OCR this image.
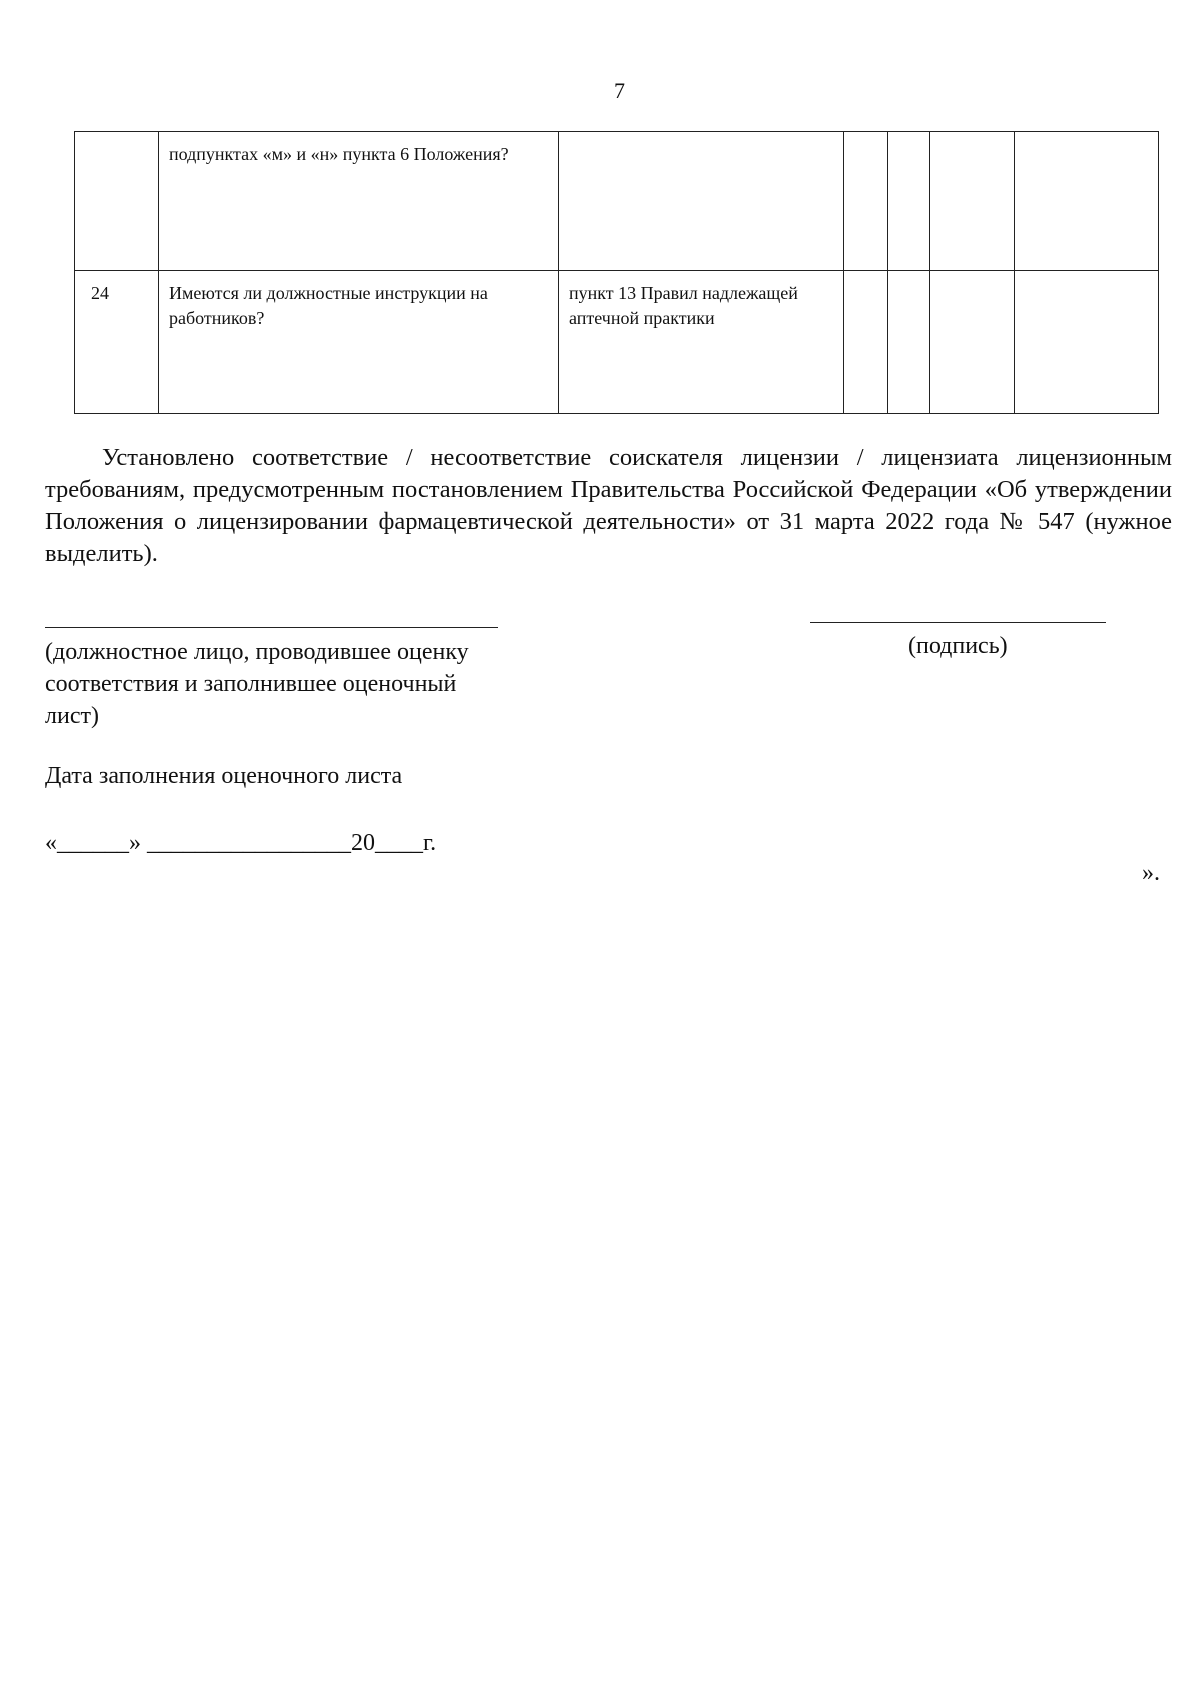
7
	подпунктах «м» и «н» пункта 6 Положения?					
24	Имеются ли должностные инструкции на работников?	пункт 13 Правил надлежащей аптечной практики				

Установлено соответствие / несоответствие соискателя лицензии / лицензиата лицензионным требованиям, предусмотренным постановлением Правительства Российской Федерации «Об утверждении Положения о лицензировании фармацевтической деятельности» от 31 марта 2022 года № 547 (нужное выделить).

(должностное лицо, проводившее оценку соответствия и заполнившее оценочный лист)

(подпись)
Дата заполнения оценочного листа
«______» _________________20____г.
».
